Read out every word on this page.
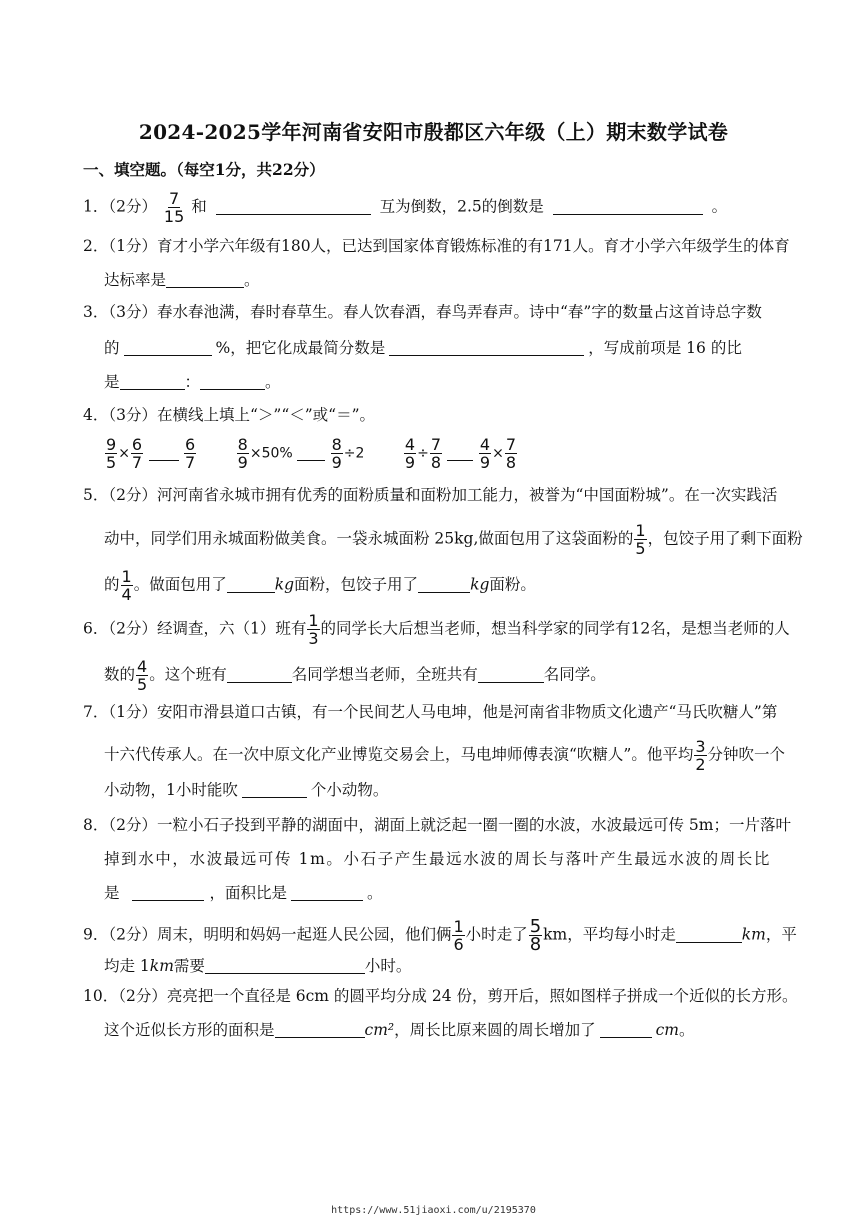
2024-2025学年河南省安阳市殷都区六年级（上）期末数学试卷
一、填空题。（每空1分，共22分）
1．（2分） $\frac{7}{15}$ 和	互为倒数，2.5的倒数是	。
2．（1分）育才小学六年级有180人，已达到国家体育锻炼标准的有171人。育才小学六年级学生的体育
达标率是	。
3．（3分）春水春池满，春时春草生。春人饮春酒，春鸟弄春声。诗中“春”字的数量占这首诗总字数
的	%，把它化成最简分数是	，写成前项是 16 的比
是	：	。
4．（3分）在横线上填上“＞”“＜”或“＝”。
$\frac{9}{5} \times \frac{6}{7}$
	$\frac{6}{7}$
	$\frac{8}{9} \times 50\% \frac{8}{9} \div 2 \frac{4}{9} \div \frac{7}{8}$
$\frac{4}{9} \times \frac{7}{8}$
5．（2分）河河南省永城市拥有优秀的面粉质量和面粉加工能力，被誉为“中国面粉城”。在一次实践活
动中，同学们用永城面粉做美食。一袋永城面粉 25kg,做面包用了这袋面粉的 $\frac{1}{5}$ ，包饺子用了剩下面粉
的 $\frac{1}{4}$ 。做面包用了	kg面粉，包饺子用了	kg面粉。
6．（2分）经调查，六（1）班有 $\frac{1}{3}$ 的同学长大后想当老师，想当科学家的同学有12名，是想当老师的人
数的 $\frac{4}{5}$ 。这个班有	名同学想当老师，全班共有	名同学。
7．（1分）安阳市滑县道口古镇，有一个民间艺人马电坤，他是河南省非物质文化遗产“马氏吹糖人”第
十六代传承人。在一次中原文化产业博览交易会上，马电坤师傅表演“吹糖人”。他平均 $\frac{3}{2}$ 分钟吹一个
小动物，1小时能吹	个小动物。
8．（2分）一粒小石子投到平静的湖面中，湖面上就泛起一圈一圈的水波，水波最远可传 5m；一片落叶
掉到水中，水波最远可传 1m。小石子产生最远水波的周长与落叶产生最远水波的周长比
是	，面积比是	。
9．（2分）周末，明明和妈妈一起逛人民公园，他们俩 $\frac{1}{6}$ 小时走了 $\frac{5}{8}$ km，平均每小时走	km，平
均走 1km需要	小时。
10．（2分）亮亮把一个直径是 6cm 的圆平均分成 24 份，剪开后，照如图样子拼成一个近似的长方形。
这个近似长方形的面积是	cm²，周长比原来圆的周长增加了	cm。
https://www.51jiaoxi.com/u/2195370
